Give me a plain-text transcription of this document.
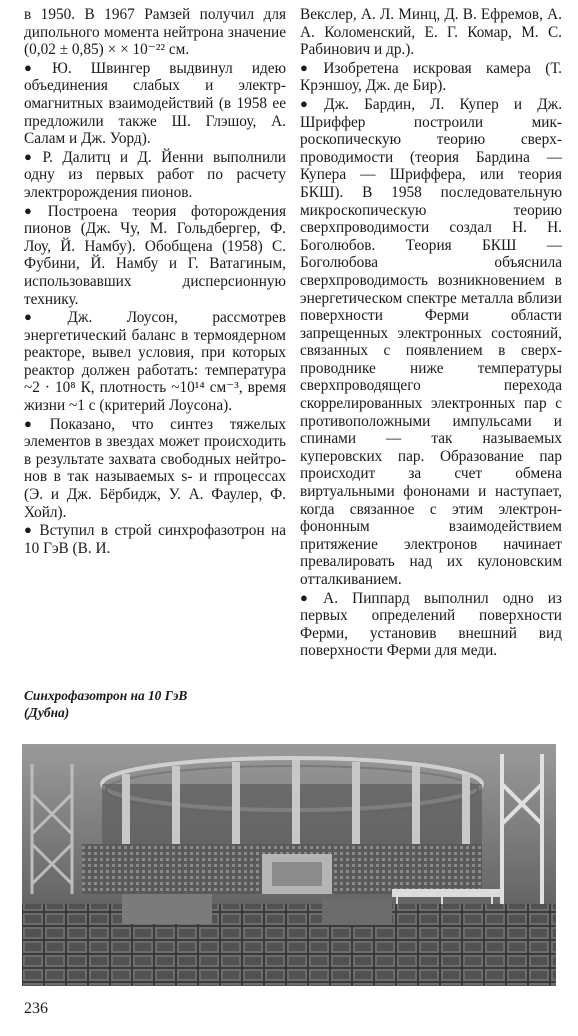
в 1950. В 1967 Рамзей получил для дипольного момента нейтрона значение (0,02 ± 0,85) × × 10⁻²² см.

● Ю. Швингер выдвинул идею объединения слабых и электромагнитных взаимодействий (в 1958 ее предложили также Ш. Глэшоу, А. Салам и Дж. Уорд).

● Р. Далитц и Д. Йенни выполнили одну из первых работ по расчету электророждения пионов.

● Построена теория фоторождения пионов (Дж. Чу, М. Гольдбергер, Ф. Лоу, Й. Намбу). Обобщена (1958) С. Фубини, Й. Намбу и Г. Ватагиным, использовавших дисперсионную технику.

● Дж. Лоусон, рассмотрев энергетический баланс в термоядерном реакторе, вывел условия, при которых реактор должен работать: температура ~2 · 10⁸ К, плотность ~10¹⁴ см⁻³, время жизни ~1 с (критерий Лоусона).

● Показано, что синтез тяжелых элементов в звездах может происходить в результате захвата свободных нейтронов в так называемых s- и rпроцессах (Э. и Дж. Бёрбидж, У. А. Фаулер, Ф. Хойл).

● Вступил в строй синхрофазотрон на 10 ГэВ (В. И.

Векслер, А. Л. Минц, Д. В. Ефремов, А. А. Коломенский, Е. Г. Комар, М. С. Рабинович и др.).

● Изобретена искровая камера (Т. Крэншоу, Дж. де Бир).

● Дж. Бардин, Л. Купер и Дж. Шриффер построили микроскопическую теорию сверхпроводимости (теория Бардина — Купера — Шриффера, или теория БКШ). В 1958 последовательную микроскопическую	теорию сверхпроводимости создал Н. Н. Боголюбов. Теория БКШ — Боголюбова объяснила сверхпроводимость возникновением в энергетическом спектре металла вблизи поверхности	Ферми области запрещенных электронных состояний, связанных с появлением в сверхпроводнике ниже температуры сверхпроводящего перехода скоррелированных электронных пар с противоположными импульсами и спинами — так называемых куперовских пар. Образование пар происходит за счет обмена виртуальными фононами и наступает, когда связанное с этим электронфононным взаимодействием притяжение электронов начинает превалировать над их кулоновским отталкиванием.

● А. Пиппард выполнил одно из первых определений поверхности Ферми, установив внешний вид поверхности Ферми для меди.

Синхрофазотрон на 10 ГэВ
(Дубна)
236
